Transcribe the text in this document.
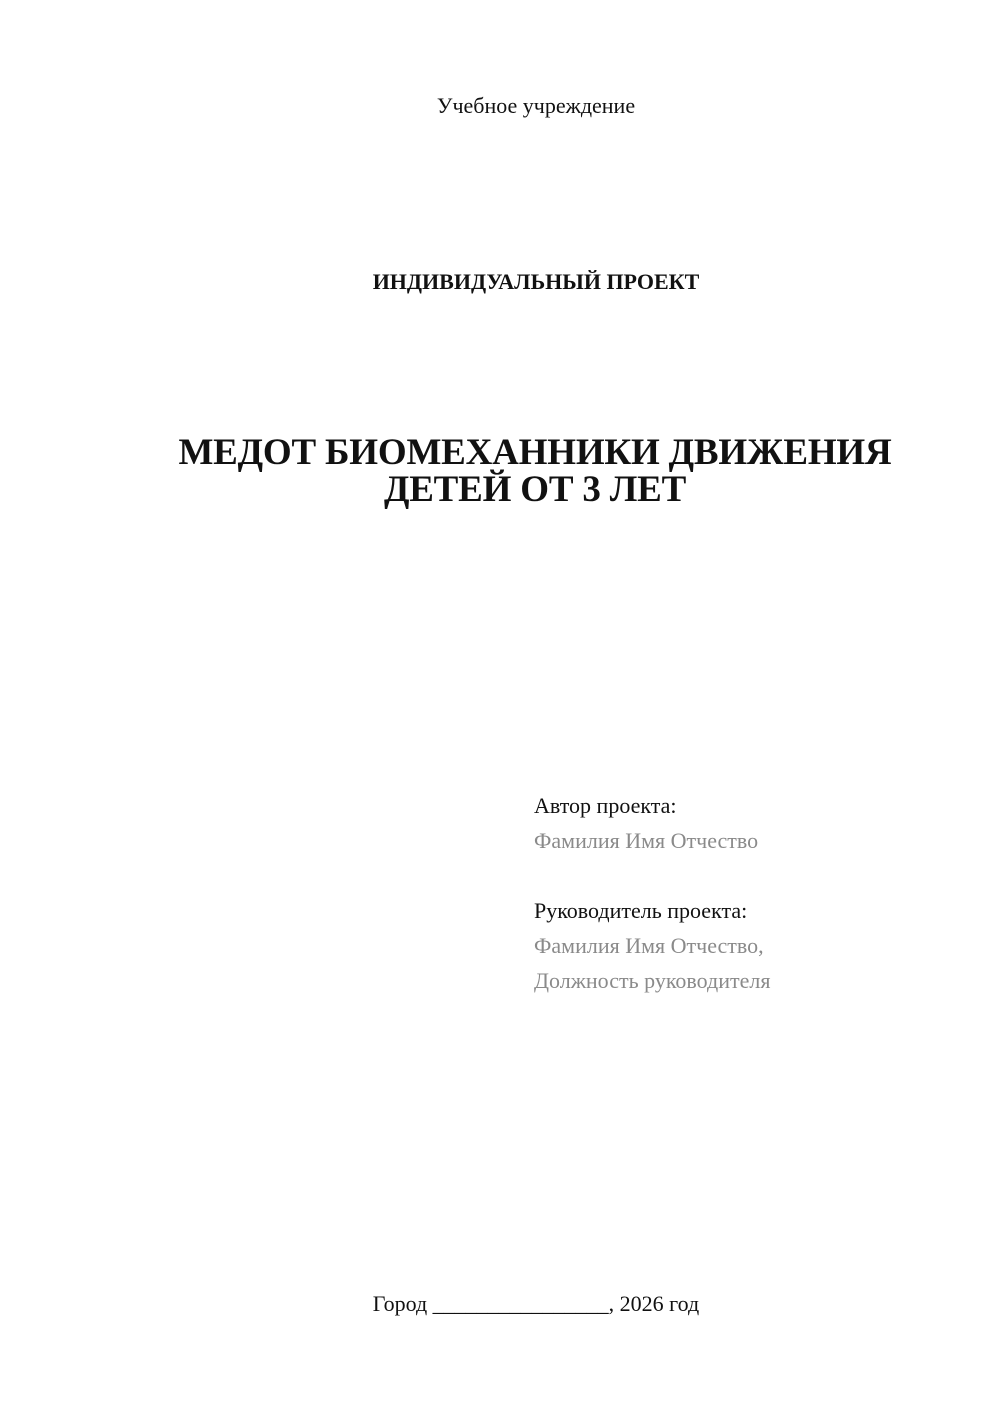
Учебное учреждение
ИНДИВИДУАЛЬНЫЙ ПРОЕКТ
МЕДОТ БИОМЕХАННИКИ ДВИЖЕНИЯ
ДЕТЕЙ ОТ 3 ЛЕТ
Автор проекта:
Фамилия Имя Отчество
Руководитель проекта:
Фамилия Имя Отчество,
Должность руководителя
Город ________________, 2026 год
